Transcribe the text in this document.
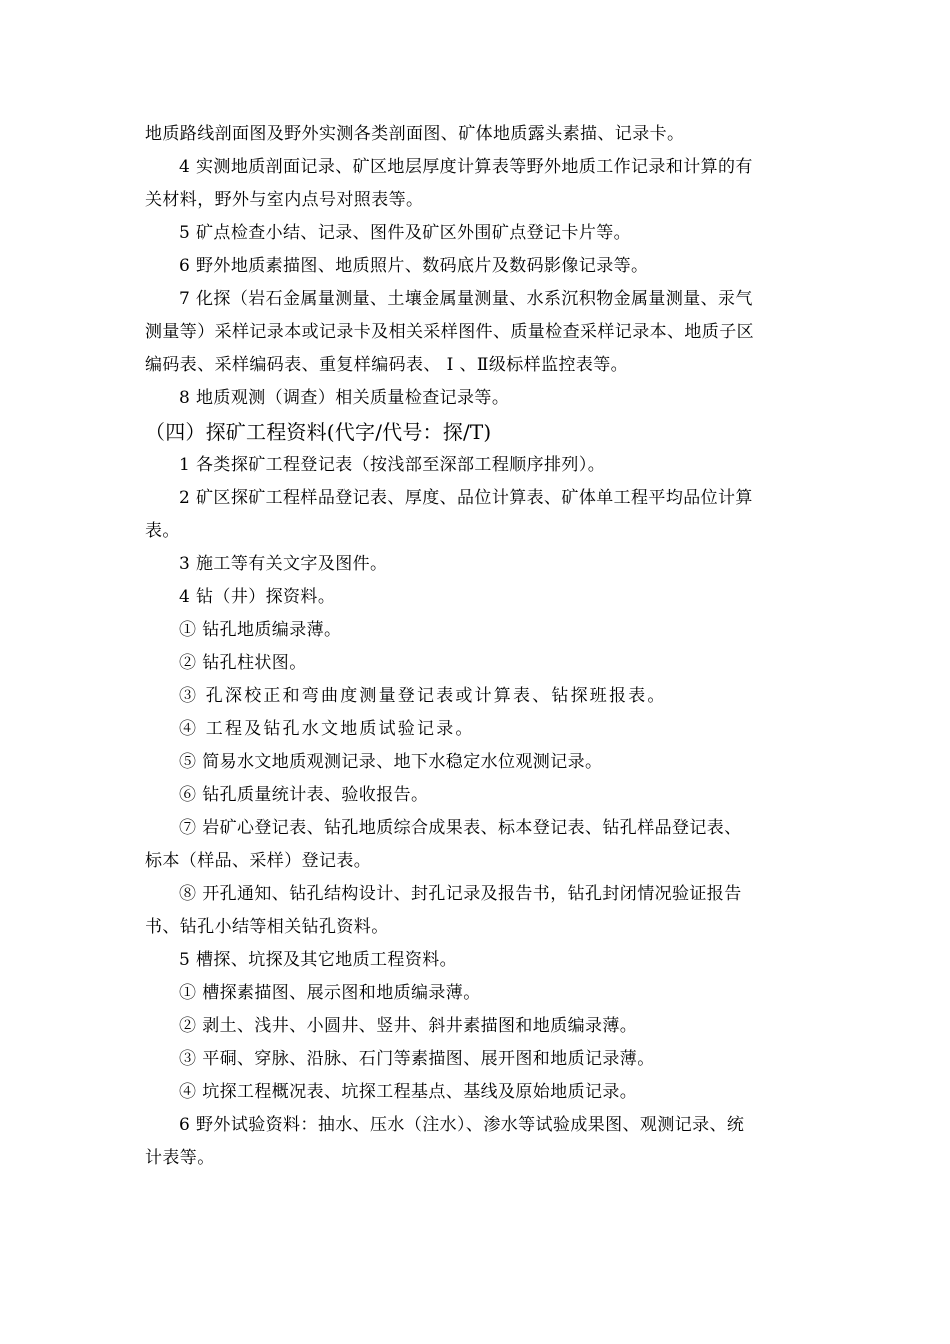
地质路线剖面图及野外实测各类剖面图、矿体地质露头素描、记录卡。

4 实测地质剖面记录、矿区地层厚度计算表等野外地质工作记录和计算的有

关材料，野外与室内点号对照表等。

5 矿点检查小结、记录、图件及矿区外围矿点登记卡片等。

6 野外地质素描图、地质照片、数码底片及数码影像记录等。

7 化探（岩石金属量测量、土壤金属量测量、水系沉积物金属量测量、汞气

测量等）采样记录本或记录卡及相关采样图件、质量检查采样记录本、地质子区

编码表、采样编码表、重复样编码表、 Ⅰ 、Ⅱ级标样监控表等。

8 地质观测（调查）相关质量检查记录等。

（四）探矿工程资料(代字/代号：探/T)

1 各类探矿工程登记表（按浅部至深部工程顺序排列）。

2 矿区探矿工程样品登记表、厚度、品位计算表、矿体单工程平均品位计算

表。

3 施工等有关文字及图件。

4 钻（井）探资料。

① 钻孔地质编录薄。

② 钻孔柱状图。

③ 孔深校正和弯曲度测量登记表或计算表、钻探班报表。

④ 工程及钻孔水文地质试验记录。

⑤ 简易水文地质观测记录、地下水稳定水位观测记录。

⑥ 钻孔质量统计表、验收报告。

⑦ 岩矿心登记表、钻孔地质综合成果表、标本登记表、钻孔样品登记表、

标本（样品、采样）登记表。

⑧ 开孔通知、钻孔结构设计、封孔记录及报告书，钻孔封闭情况验证报告

书、钻孔小结等相关钻孔资料。

5 槽探、坑探及其它地质工程资料。

① 槽探素描图、展示图和地质编录薄。

② 剥土、浅井、小圆井、竖井、斜井素描图和地质编录薄。

③ 平硐、穿脉、沿脉、石门等素描图、展开图和地质记录薄。

④ 坑探工程概况表、坑探工程基点、基线及原始地质记录。

6 野外试验资料：抽水、压水（注水）、渗水等试验成果图、观测记录、统

计表等。
